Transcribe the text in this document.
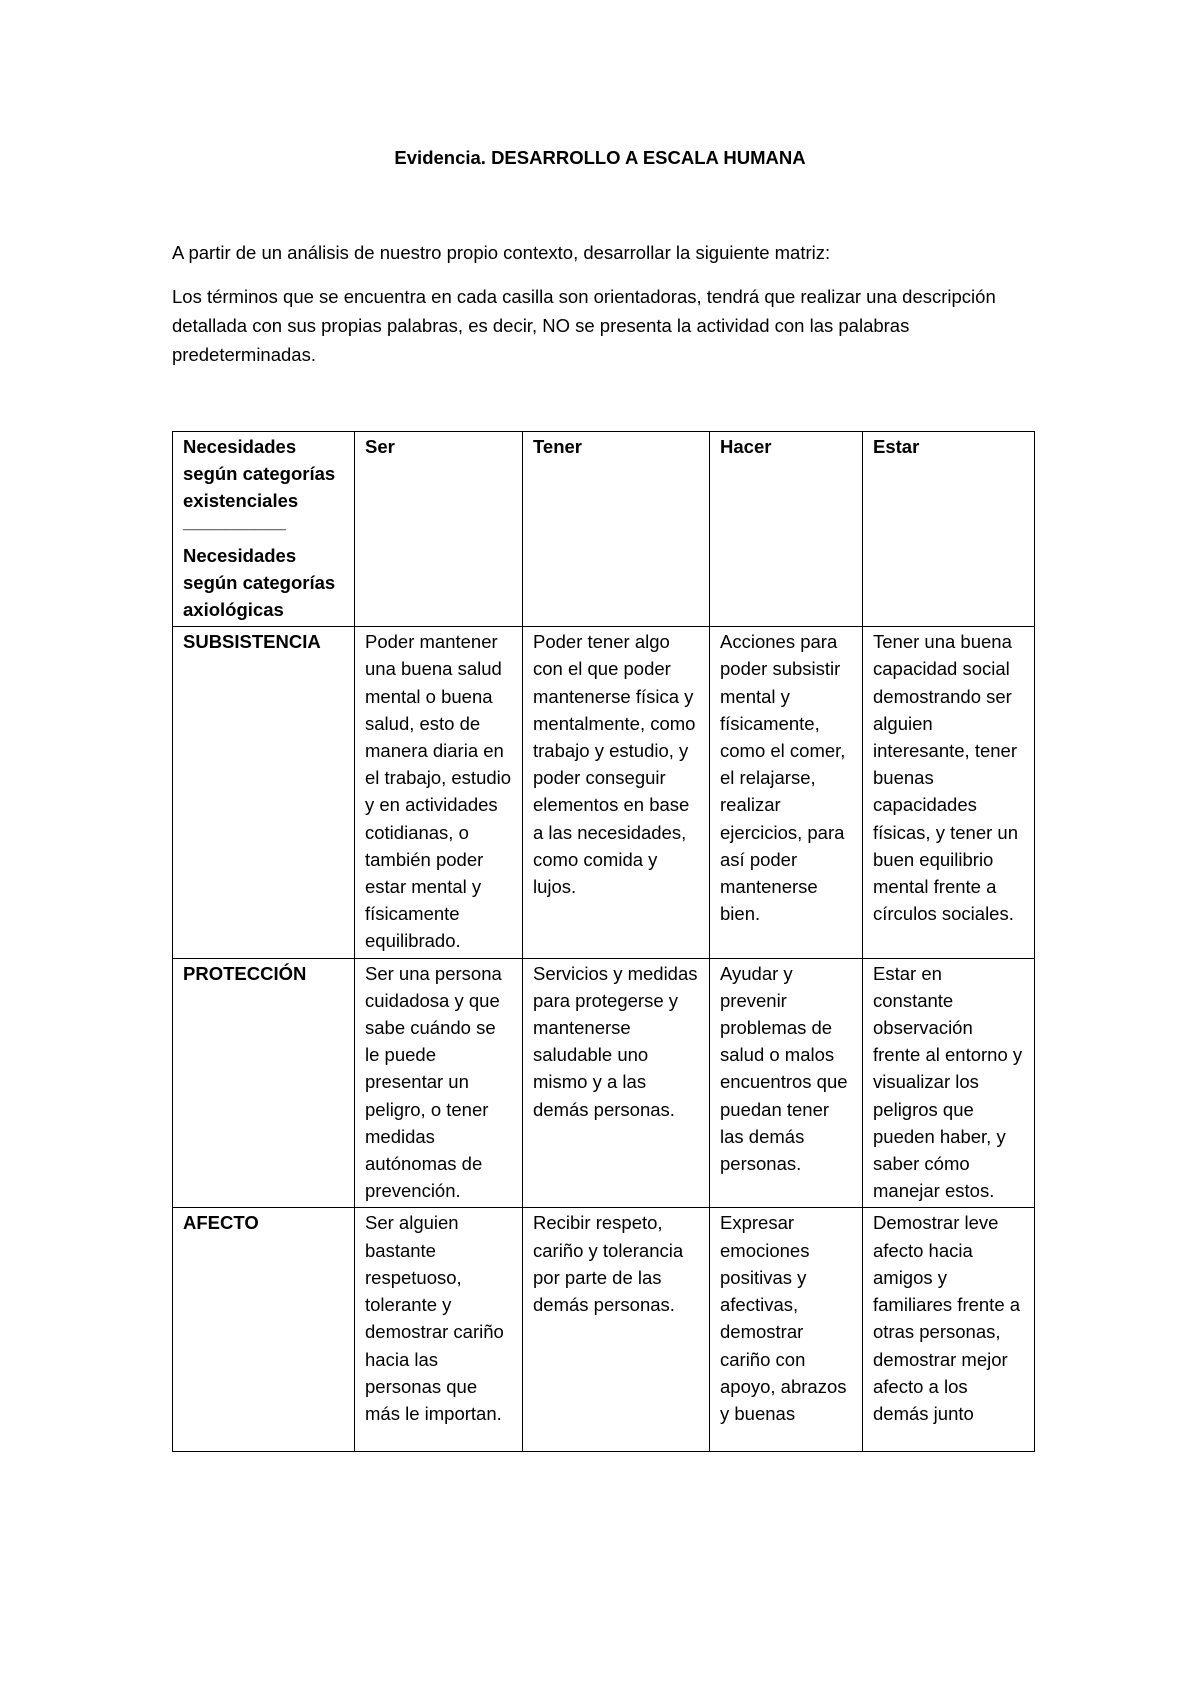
Evidencia. DESARROLLO A ESCALA HUMANA

A partir de un análisis de nuestro propio contexto, desarrollar la siguiente matriz:

Los términos que se encuentra en cada casilla son orientadoras, tendrá que realizar una descripción detallada con sus propias palabras, es decir, NO se presenta la actividad con las palabras predeterminadas.

Necesidades según categorías existenciales
__________
Necesidades según categorías axiológicas	Ser	Tener	Hacer	Estar
SUBSISTENCIA	Poder mantener una buena salud mental o buena salud, esto de manera diaria en el trabajo, estudio y en actividades cotidianas, o también poder estar mental y físicamente equilibrado.	Poder tener algo con el que poder mantenerse física y mentalmente, como trabajo y estudio, y poder conseguir elementos en base a las necesidades, como comida y lujos.	Acciones para poder subsistir mental y físicamente, como el comer, el relajarse, realizar ejercicios, para así poder mantenerse bien.	Tener una buena capacidad social demostrando ser alguien interesante, tener buenas capacidades físicas, y tener un buen equilibrio mental frente a círculos sociales.
PROTECCIÓN	Ser una persona cuidadosa y que sabe cuándo se le puede presentar un peligro, o tener medidas autónomas de prevención.	Servicios y medidas para protegerse y mantenerse saludable uno mismo y a las demás personas.	Ayudar y prevenir problemas de salud o malos encuentros que puedan tener las demás personas.	Estar en constante observación frente al entorno y visualizar los peligros que pueden haber, y saber cómo manejar estos.

AFECTO	Ser alguien bastante respetuoso, tolerante y demostrar cariño hacia las personas que más le importan.	Recibir respeto, cariño y tolerancia por parte de las demás personas.	Expresar emociones positivas y afectivas, demostrar cariño con apoyo, abrazos y buenas	Demostrar leve afecto hacia amigos y familiares frente a otras personas, demostrar mejor afecto a los demás junto
